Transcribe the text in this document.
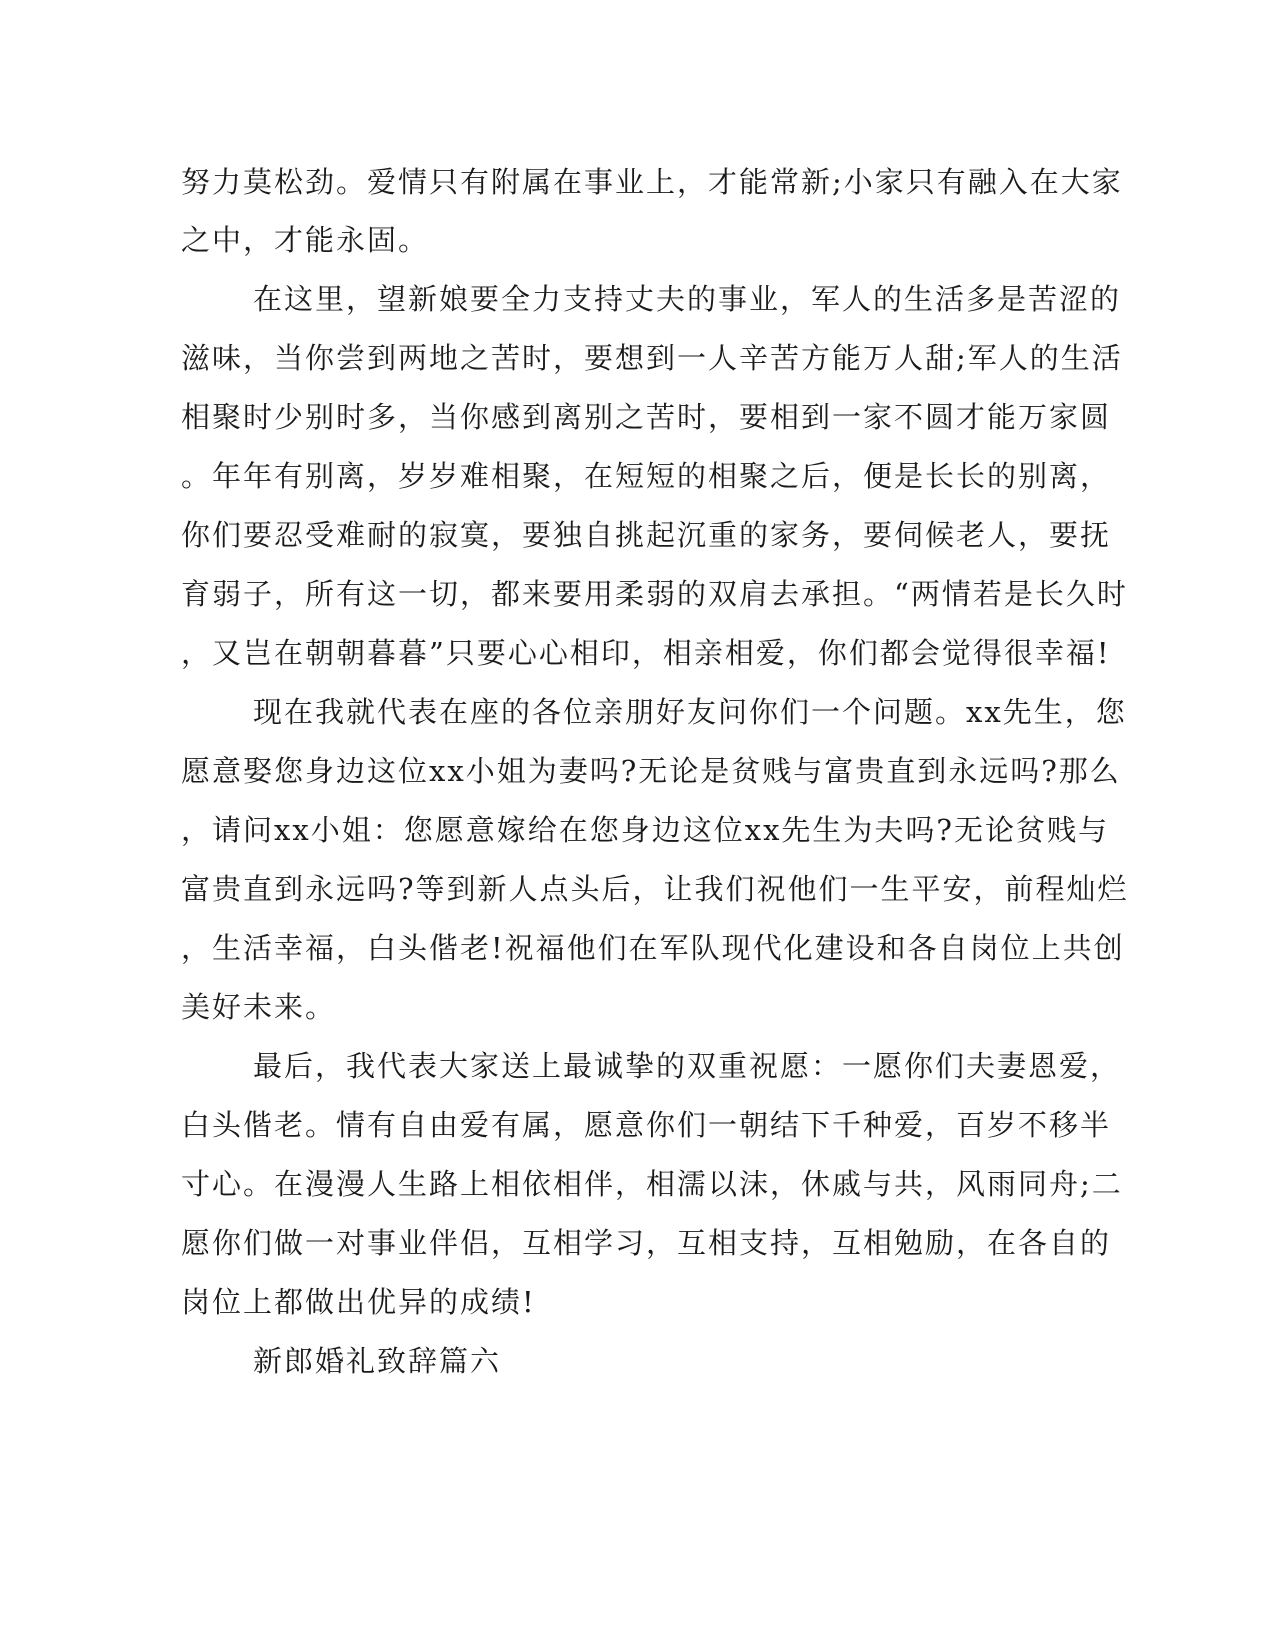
努力莫松劲。爱情只有附属在事业上，才能常新;小家只有融入在大家

之中，才能永固。

在这里，望新娘要全力支持丈夫的事业，军人的生活多是苦涩的

滋味，当你尝到两地之苦时，要想到一人辛苦方能万人甜;军人的生活

相聚时少别时多，当你感到离别之苦时，要相到一家不圆才能万家圆

。年年有别离，岁岁难相聚，在短短的相聚之后，便是长长的别离，

你们要忍受难耐的寂寞，要独自挑起沉重的家务，要伺候老人，要抚

育弱子，所有这一切，都来要用柔弱的双肩去承担。“两情若是长久时

，又岂在朝朝暮暮”只要心心相印，相亲相爱，你们都会觉得很幸福!

现在我就代表在座的各位亲朋好友问你们一个问题。xx先生，您

愿意娶您身边这位xx小姐为妻吗?无论是贫贱与富贵直到永远吗?那么

，请问xx小姐：您愿意嫁给在您身边这位xx先生为夫吗?无论贫贱与

富贵直到永远吗?等到新人点头后，让我们祝他们一生平安，前程灿烂

，生活幸福，白头偕老!祝福他们在军队现代化建设和各自岗位上共创

美好未来。

最后，我代表大家送上最诚挚的双重祝愿：一愿你们夫妻恩爱，

白头偕老。情有自由爱有属，愿意你们一朝结下千种爱，百岁不移半

寸心。在漫漫人生路上相依相伴，相濡以沫，休戚与共，风雨同舟;二

愿你们做一对事业伴侣，互相学习，互相支持，互相勉励，在各自的

岗位上都做出优异的成绩!

新郎婚礼致辞篇六
